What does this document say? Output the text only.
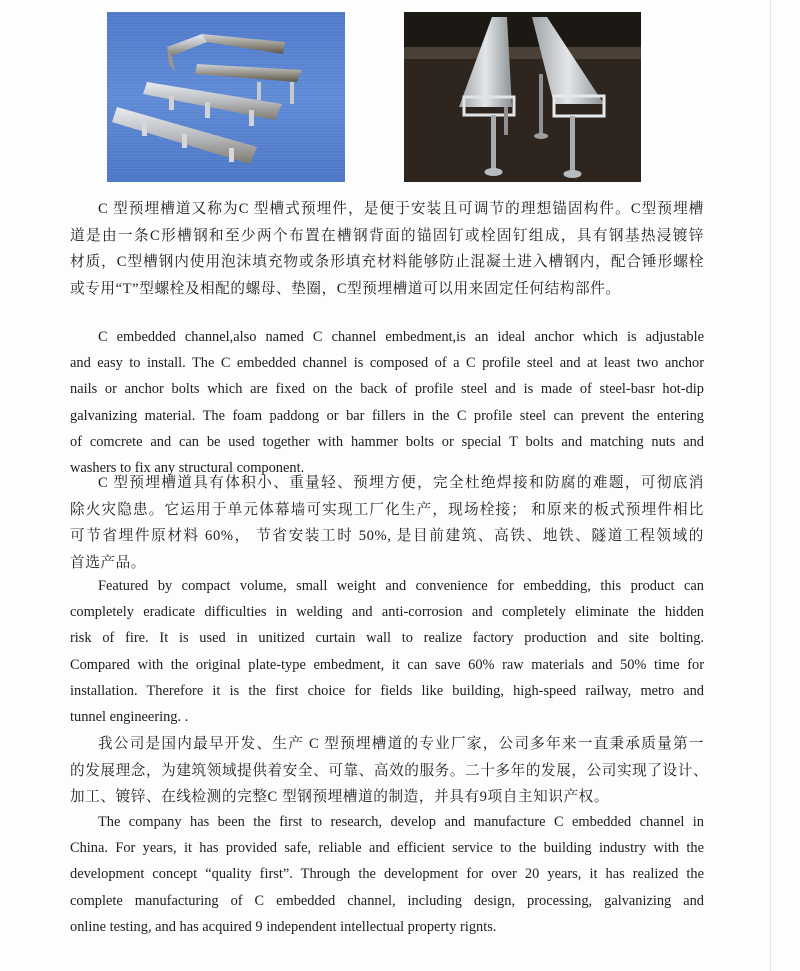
C 型预埋槽道又称为C 型槽式预埋件，是便于安装且可调节的理想锚固构件。C型预埋槽
道是由一条C形槽钢和至少两个布置在槽钢背面的锚固钉或栓固钉组成，具有钢基热浸镀锌
材质，C型槽钢内使用泡沫填充物或条形填充材料能够防止混凝土进入槽钢内，配合锤形螺栓
或专用“T”型螺栓及相配的螺母、垫圈，C型预埋槽道可以用来固定任何结构部件。
C embedded channel,also named C channel embedment,is an ideal anchor which is adjustable
and easy to install. The C embedded channel is composed of a C profile steel and at least two anchor
nails or anchor bolts which are fixed on the back of profile steel and is made of steel-basr hot-dip
galvanizing material. The foam paddong or bar fillers in the C profile steel can prevent the entering
of comcrete and can be used together with hammer bolts or special T bolts and matching nuts and
washers to fix any structural component.
C 型预埋槽道具有体积小、重量轻、预埋方便，完全杜绝焊接和防腐的难题，可彻底消
除火灾隐患。它运用于单元体幕墙可实现工厂化生产，现场栓接； 和原来的板式预埋件相比
可节省埋件原材料 60%， 节省安装工时 50%, 是目前建筑、高铁、地铁、隧道工程领域的
首选产品。
Featured by compact volume, small weight and convenience for embedding, this product can
completely eradicate difficulties in welding and anti-corrosion and completely eliminate the hidden
risk of fire. It is used in unitized curtain wall to realize factory production and site bolting.
Compared with the original plate-type embedment, it can save 60% raw materials and 50% time for
installation. Therefore it is the first choice for fields like building, high-speed railway, metro and
tunnel engineering. .
我公司是国内最早开发、生产 C 型预埋槽道的专业厂家，公司多年来一直秉承质量第一
的发展理念，为建筑领域提供着安全、可靠、高效的服务。二十多年的发展，公司实现了设计、
加工、镀锌、在线检测的完整C 型钢预埋槽道的制造，并具有9项自主知识产权。
The company has been the first to research, develop and manufacture C embedded channel in
China. For years, it has provided safe, reliable and efficient service to the building industry with the
development concept “quality first”. Through the development for over 20 years, it has realized the
complete manufacturing of C embedded channel, including design, processing, galvanizing and
online testing, and has acquired 9 independent intellectual property rignts.
